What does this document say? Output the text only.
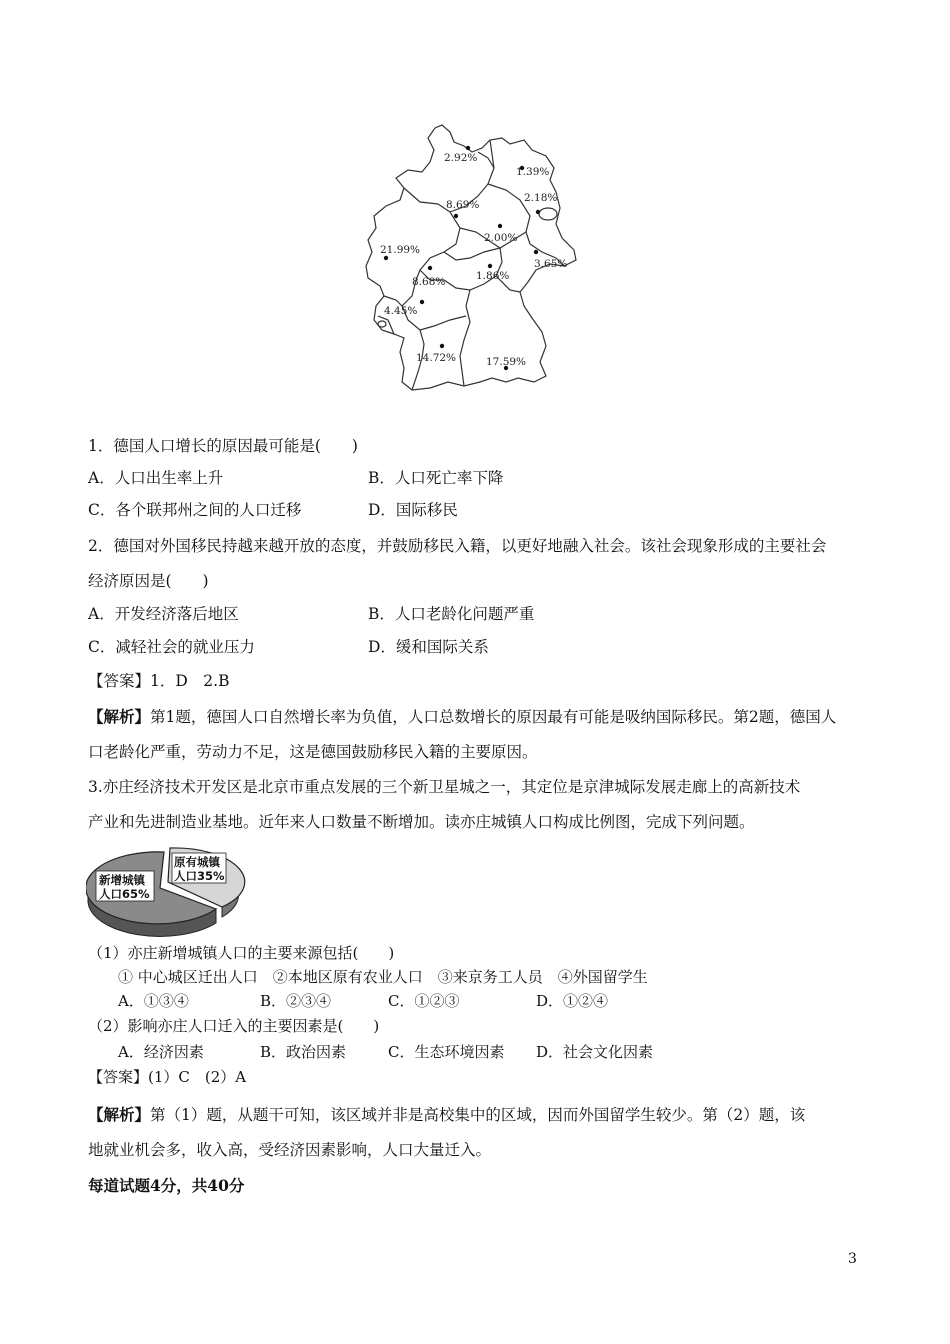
2.92%
1.39%
2.18%
8.69%
2.00%
21.99%
1.86%
3.65%
8.68%
4.45%
14.72%	17.59%
1．德国人口增长的原因最可能是(　　)
A．人口出生率上升	B．人口死亡率下降
C．各个联邦州之间的人口迁移	D．国际移民
2．德国对外国移民持越来越开放的态度，并鼓励移民入籍，以更好地融入社会。该社会现象形成的主要社会
经济原因是(　　)
A．开发经济落后地区	B．人口老龄化问题严重
C．减轻社会的就业压力	D．缓和国际关系
【答案】1．D　2.B
【解析】第1题，德国人口自然增长率为负值，人口总数增长的原因最有可能是吸纳国际移民。第2题，德国人
口老龄化严重，劳动力不足，这是德国鼓励移民入籍的主要原因。
3.亦庄经济技术开发区是北京市重点发展的三个新卫星城之一，其定位是京津城际发展走廊上的高新技术
产业和先进制造业基地。近年来人口数量不断增加。读亦庄城镇人口构成比例图，完成下列问题。
新增城镇
人口65%
原有城镇
人口35%
（1）亦庄新增城镇人口的主要来源包括(　　)
① 中心城区迁出人口　②本地区原有农业人口　③来京务工人员　④外国留学生
A．①③④	B．②③④	C．①②③	D．①②④
（2）影响亦庄人口迁入的主要因素是(　　)
A．经济因素	B．政治因素	C．生态环境因素 D．社会文化因素
【答案】(1）C　(2）A
【解析】第（1）题，从题干可知，该区域并非是高校集中的区域，因而外国留学生较少。第（2）题，该
地就业机会多，收入高，受经济因素影响，人口大量迁入。
每道试题4分，共40分
3
